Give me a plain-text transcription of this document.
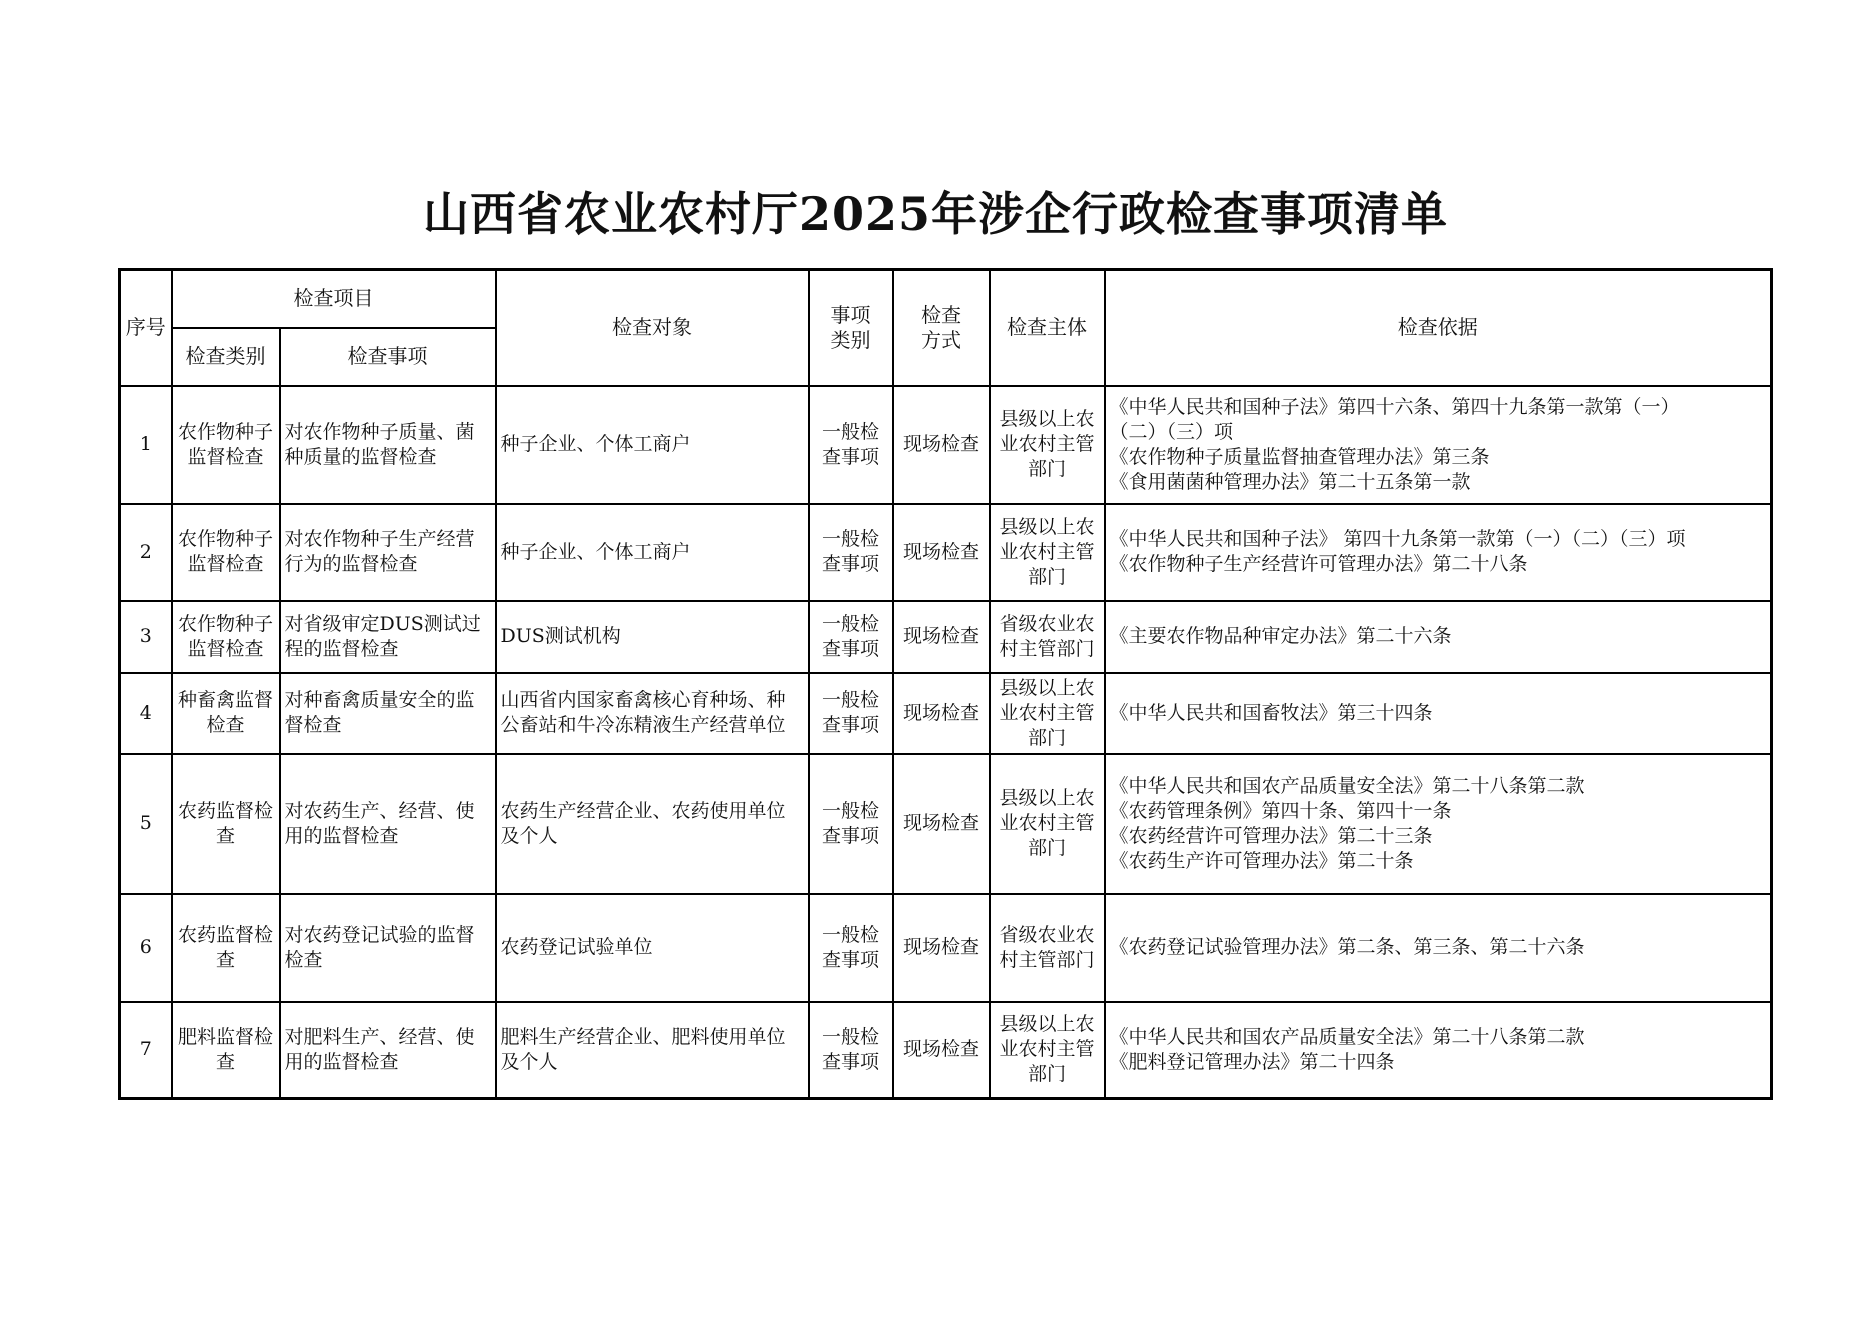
山西省农业农村厅2025年涉企行政检查事项清单
序号	检查项目		检查对象	事项类别	检查方式	检查主体	检查依据
	检查类别	检查事项					
1	农作物种子监督检查	对农作物种子质量、菌种质量的监督检查	种子企业、个体工商户	一般检查事项	现场检查	县级以上农业农村主管部门	《中华人民共和国种子法》第四十六条、第四十九条第一款第（一）
（二）（三）项
《农作物种子质量监督抽查管理办法》第三条
《食用菌菌种管理办法》第二十五条第一款

2	农作物种子监督检查	对农作物种子生产经营行为的监督检查	种子企业、个体工商户	一般检查事项	现场检查	县级以上农业农村主管部门	《中华人民共和国种子法》 第四十九条第一款第（一）（二）（三）项
《农作物种子生产经营许可管理办法》第二十八条

3	农作物种子监督检查	对省级审定DUS测试过程的监督检查	DUS测试机构	一般检查事项	现场检查	省级农业农村主管部门	《主要农作物品种审定办法》第二十六条

4	种畜禽监督检查	对种畜禽质量安全的监督检查	山西省内国家畜禽核心育种场、种公畜站和牛冷冻精液生产经营单位	一般检查事项	现场检查	县级以上农业农村主管部门	《中华人民共和国畜牧法》第三十四条

5	农药监督检查	对农药生产、经营、使用的监督检查	农药生产经营企业、农药使用单位及个人	一般检查事项	现场检查	县级以上农业农村主管部门	《中华人民共和国农产品质量安全法》第二十八条第二款
《农药管理条例》第四十条、第四十一条
《农药经营许可管理办法》第二十三条
《农药生产许可管理办法》第二十条

6	农药监督检查	对农药登记试验的监督检查	农药登记试验单位	一般检查事项	现场检查	省级农业农村主管部门	《农药登记试验管理办法》第二条、第三条、第二十六条

7	肥料监督检查	对肥料生产、经营、使用的监督检查	肥料生产经营企业、肥料使用单位及个人	一般检查事项	现场检查	县级以上农业农村主管部门	《中华人民共和国农产品质量安全法》第二十八条第二款
《肥料登记管理办法》第二十四条
